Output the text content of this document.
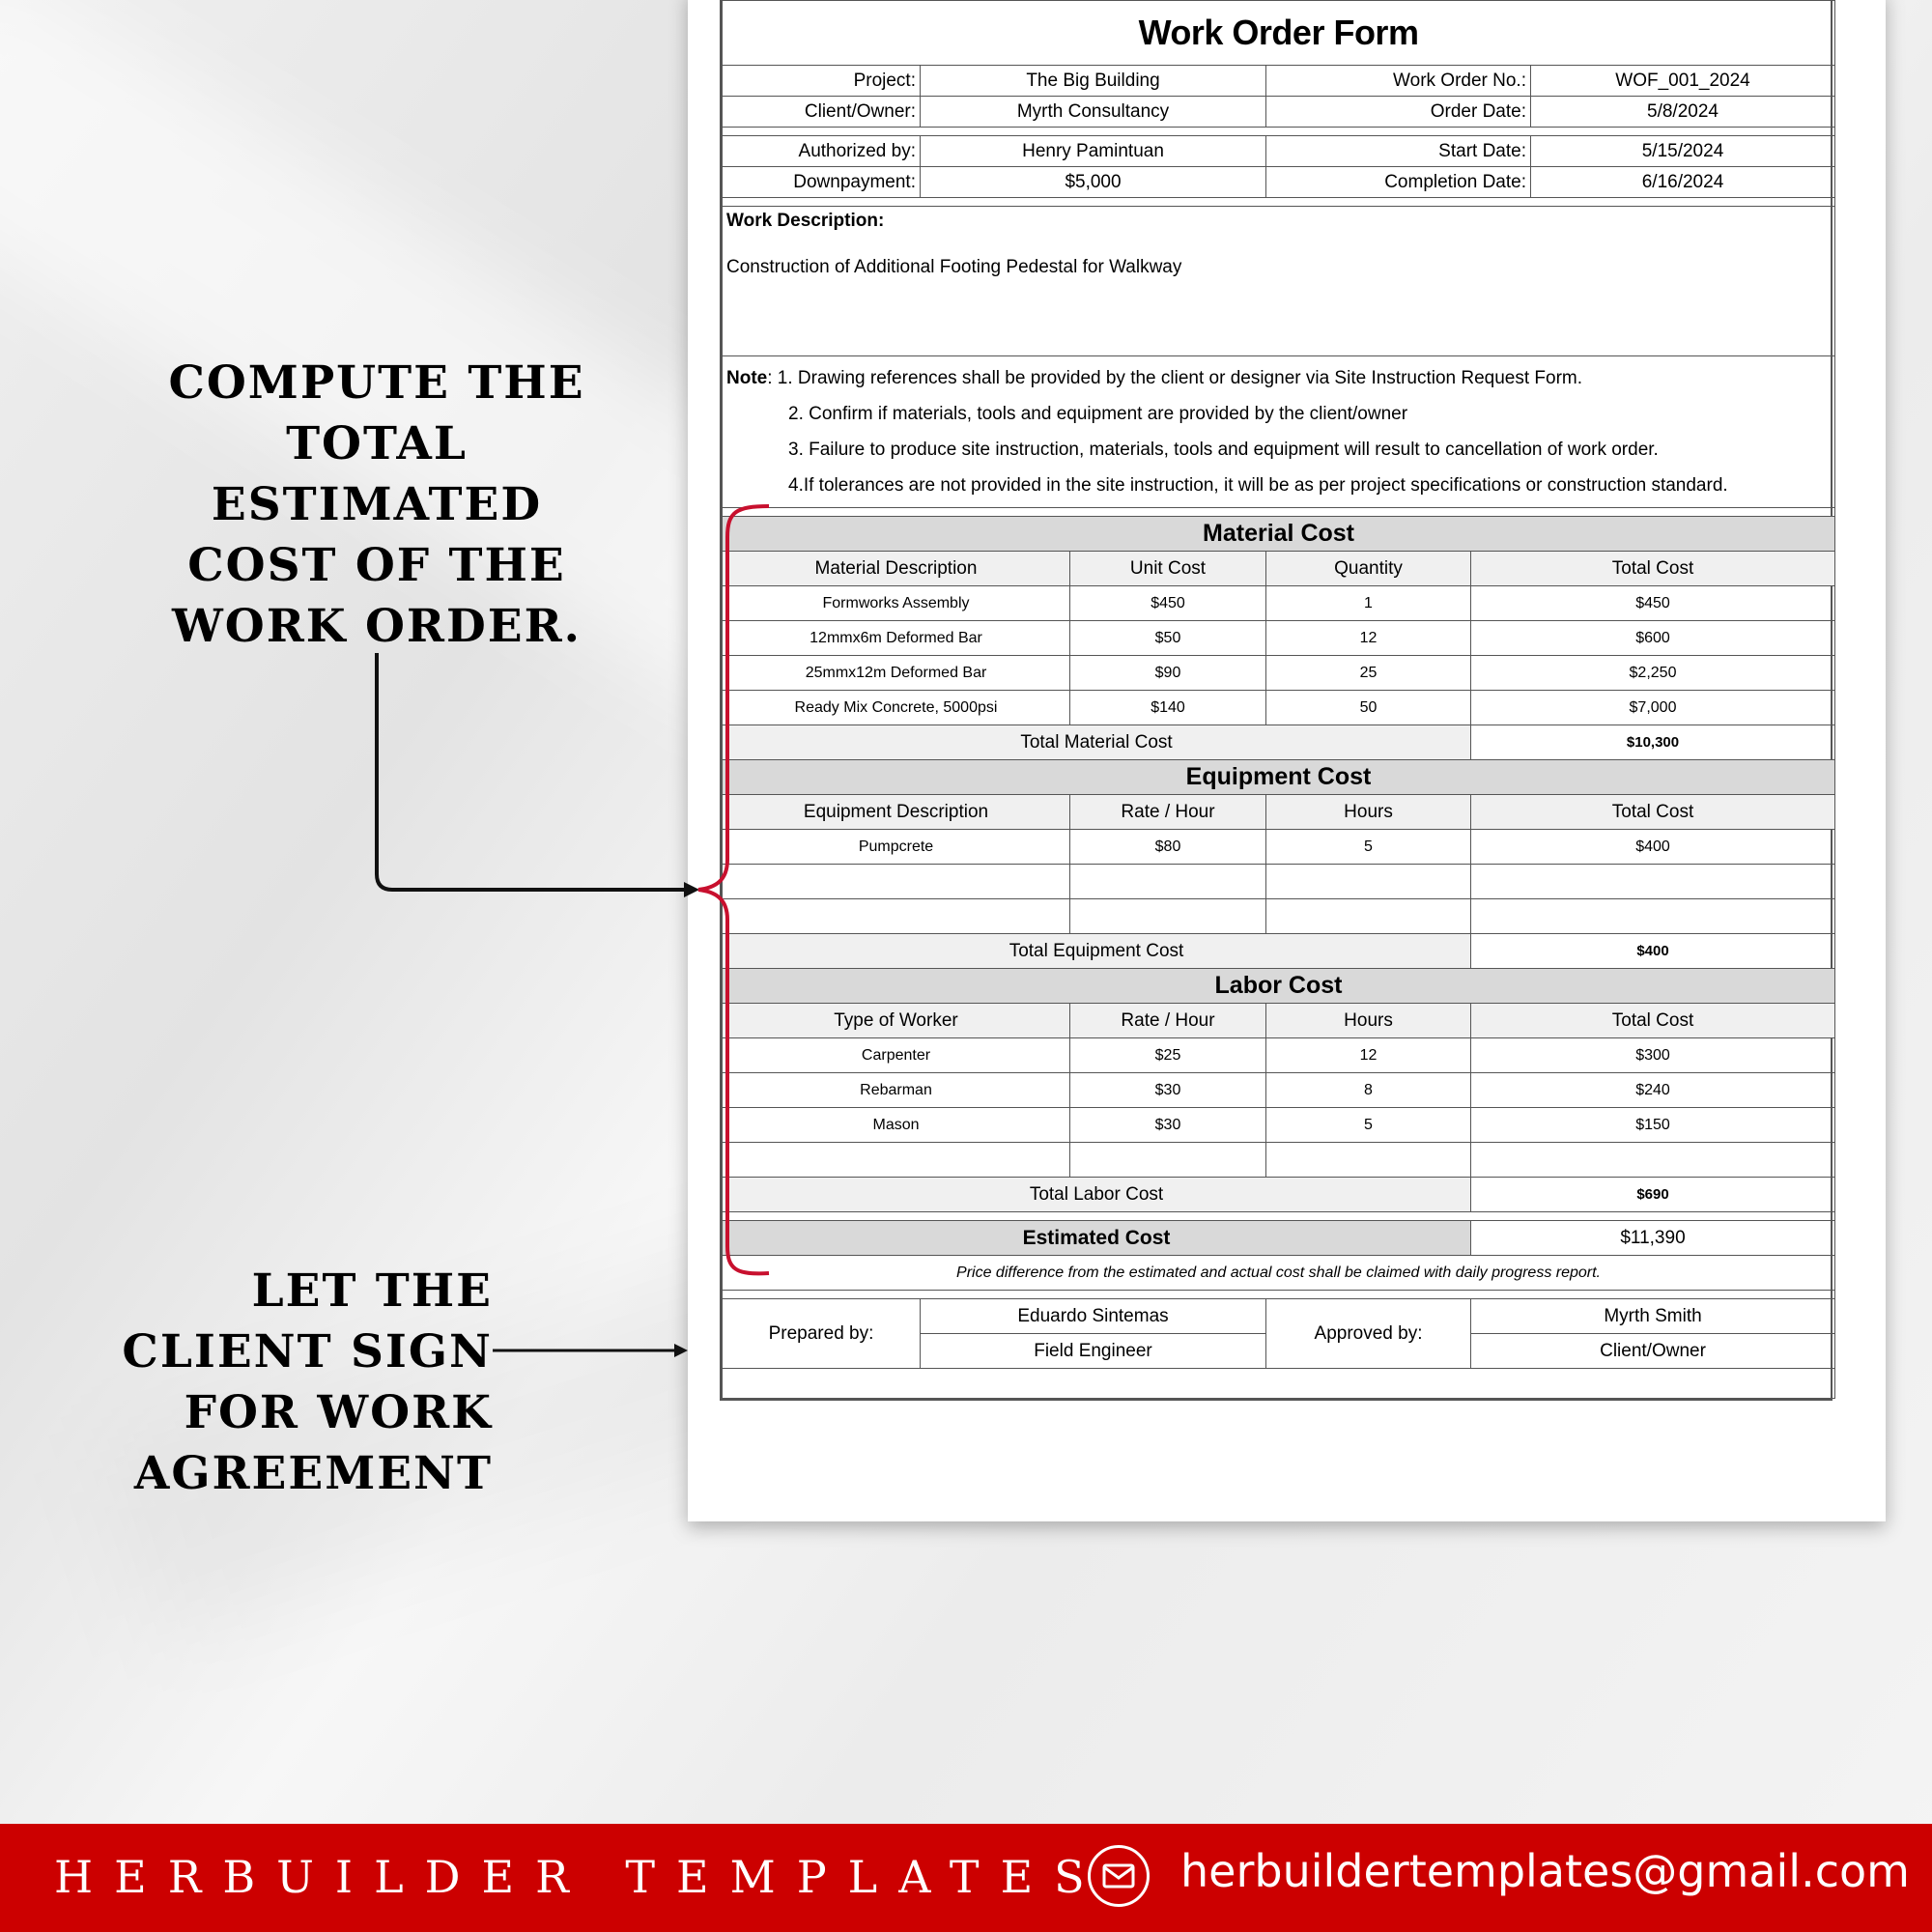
COMPUTE THE TOTAL ESTIMATED COST OF THE WORK ORDER.
LET THE CLIENT SIGN FOR WORK AGREEMENT
Work Order Form					
Project:	The Big Building		Work Order No.:		WOF_001_2024
Client/Owner:	Myrth Consultancy		Order Date:		5/8/2024

Authorized by:	Henry Pamintuan		Start Date:		5/15/2024
Downpayment:	$5,000		Completion Date:		6/16/2024

Work Description:
Construction of Additional Footing Pedestal for Walkway					

Note: 1. Drawing references shall be provided by the client or designer via Site Instruction Request Form.
2. Confirm if materials, tools and equipment are provided by the client/owner
3. Failure to produce site instruction, materials, tools and equipment will result to cancellation of work order.
4.If tolerances are not provided in the site instruction, it will be as per project specifications or construction standard.					

Material Cost					
Material Description		Unit Cost	Quantity	Total Cost	
Formworks Assembly		$450	1	$450	
12mmx6m Deformed Bar		$50	12	$600	
25mmx12m Deformed Bar		$90	25	$2,250	
Ready Mix Concrete, 5000psi		$140	50	$7,000	
Total Material Cost				$10,300	
Equipment Cost					
Equipment Description		Rate / Hour	Hours	Total Cost	
Pumpcrete		$80	5	$400	

Total Equipment Cost				$400	
Labor Cost					
Type of Worker		Rate / Hour	Hours	Total Cost	
Carpenter		$25	12	$300	
Rebarman		$30	8	$240	
Mason		$30	5	$150	

Total Labor Cost				$690	

Estimated Cost				$11,390	
Price difference from the estimated and actual cost shall be claimed with daily progress report.					

Prepared by:	Eduardo Sintemas		Approved by:	Myrth Smith	
	Field Engineer			Client/Owner	

HERBUILDER TEMPLATES herbuildertemplates@gmail.com
